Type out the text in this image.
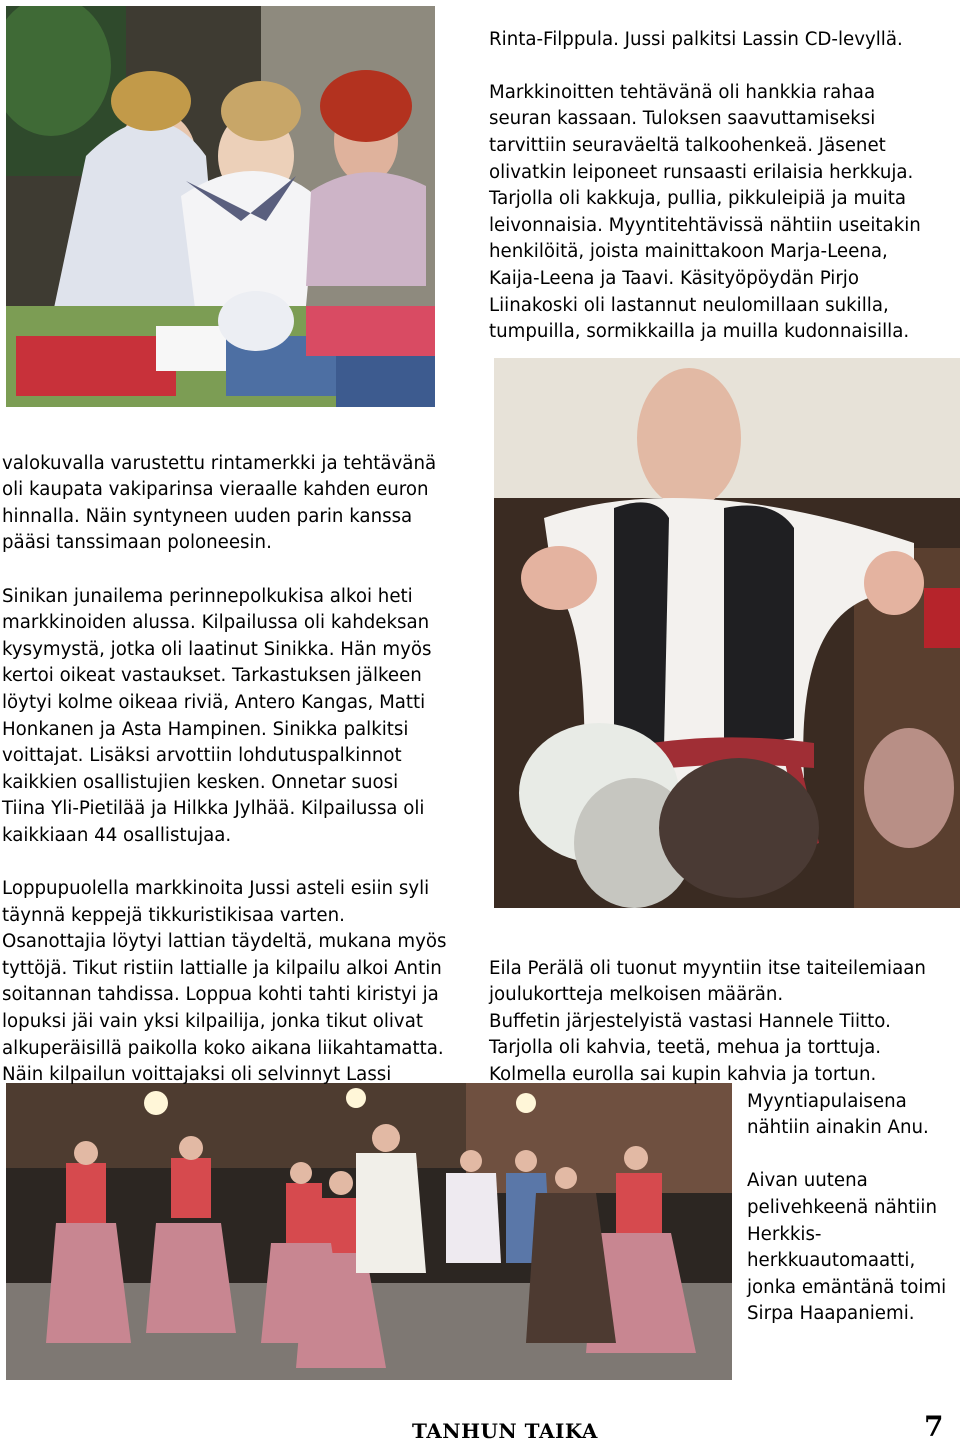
Rinta-Filppula. Jussi palkitsi Lassin CD-levyllä.

Markkinoitten tehtävänä oli hankkia rahaa
seuran kassaan. Tuloksen saavuttamiseksi
tarvittiin seuraväeltä talkoohenkeä. Jäsenet
olivatkin leiponeet runsaasti erilaisia herkkuja.
Tarjolla oli kakkuja, pullia, pikkuleipiä ja muita
leivonnaisia. Myyntitehtävissä nähtiin useitakin
henkilöitä, joista mainittakoon Marja-Leena,
Kaija-Leena ja Taavi. Käsityöpöydän Pirjo
Liinakoski oli lastannut neulomillaan sukilla,
tumpuilla, sormikkailla ja muilla kudonnaisilla.

valokuvalla varustettu rintamerkki ja tehtävänä
oli kaupata vakiparinsa vieraalle kahden euron
hinnalla. Näin syntyneen uuden parin kanssa
pääsi tanssimaan poloneesin.

Sinikan junailema perinnepolkukisa alkoi heti
markkinoiden alussa. Kilpailussa oli kahdeksan
kysymystä, jotka oli laatinut Sinikka. Hän myös
kertoi oikeat vastaukset. Tarkastuksen jälkeen
löytyi kolme oikeaa riviä, Antero Kangas, Matti
Honkanen ja Asta Hampinen. Sinikka palkitsi
voittajat. Lisäksi arvottiin lohdutuspalkinnot
kaikkien osallistujien kesken. Onnetar suosi
Tiina Yli-Pietilää ja Hilkka Jylhää. Kilpailussa oli
kaikkiaan 44 osallistujaa.

Loppupuolella markkinoita Jussi asteli esiin syli
täynnä keppejä tikkuristikisaa varten.
Osanottajia löytyi lattian täydeltä, mukana myös
tyttöjä. Tikut ristiin lattialle ja kilpailu alkoi Antin
soitannan tahdissa. Loppua kohti tahti kiristyi ja
lopuksi jäi vain yksi kilpailija, jonka tikut olivat
alkuperäisillä paikolla koko aikana liikahtamatta.
Näin kilpailun voittajaksi oli selvinnyt Lassi

Eila Perälä oli tuonut myyntiin itse taiteilemiaan
joulukortteja melkoisen määrän.
Buffetin järjestelyistä vastasi Hannele Tiitto.
Tarjolla oli kahvia, teetä, mehua ja torttuja.
Kolmella eurolla sai kupin kahvia ja tortun.

Myyntiapulaisena
nähtiin ainakin Anu.

Aivan uutena
pelivehkeenä nähtiin
Herkkis-
herkkuautomaatti,
jonka emäntänä toimi
Sirpa Haapaniemi.

TANHUN TAIKA	7
